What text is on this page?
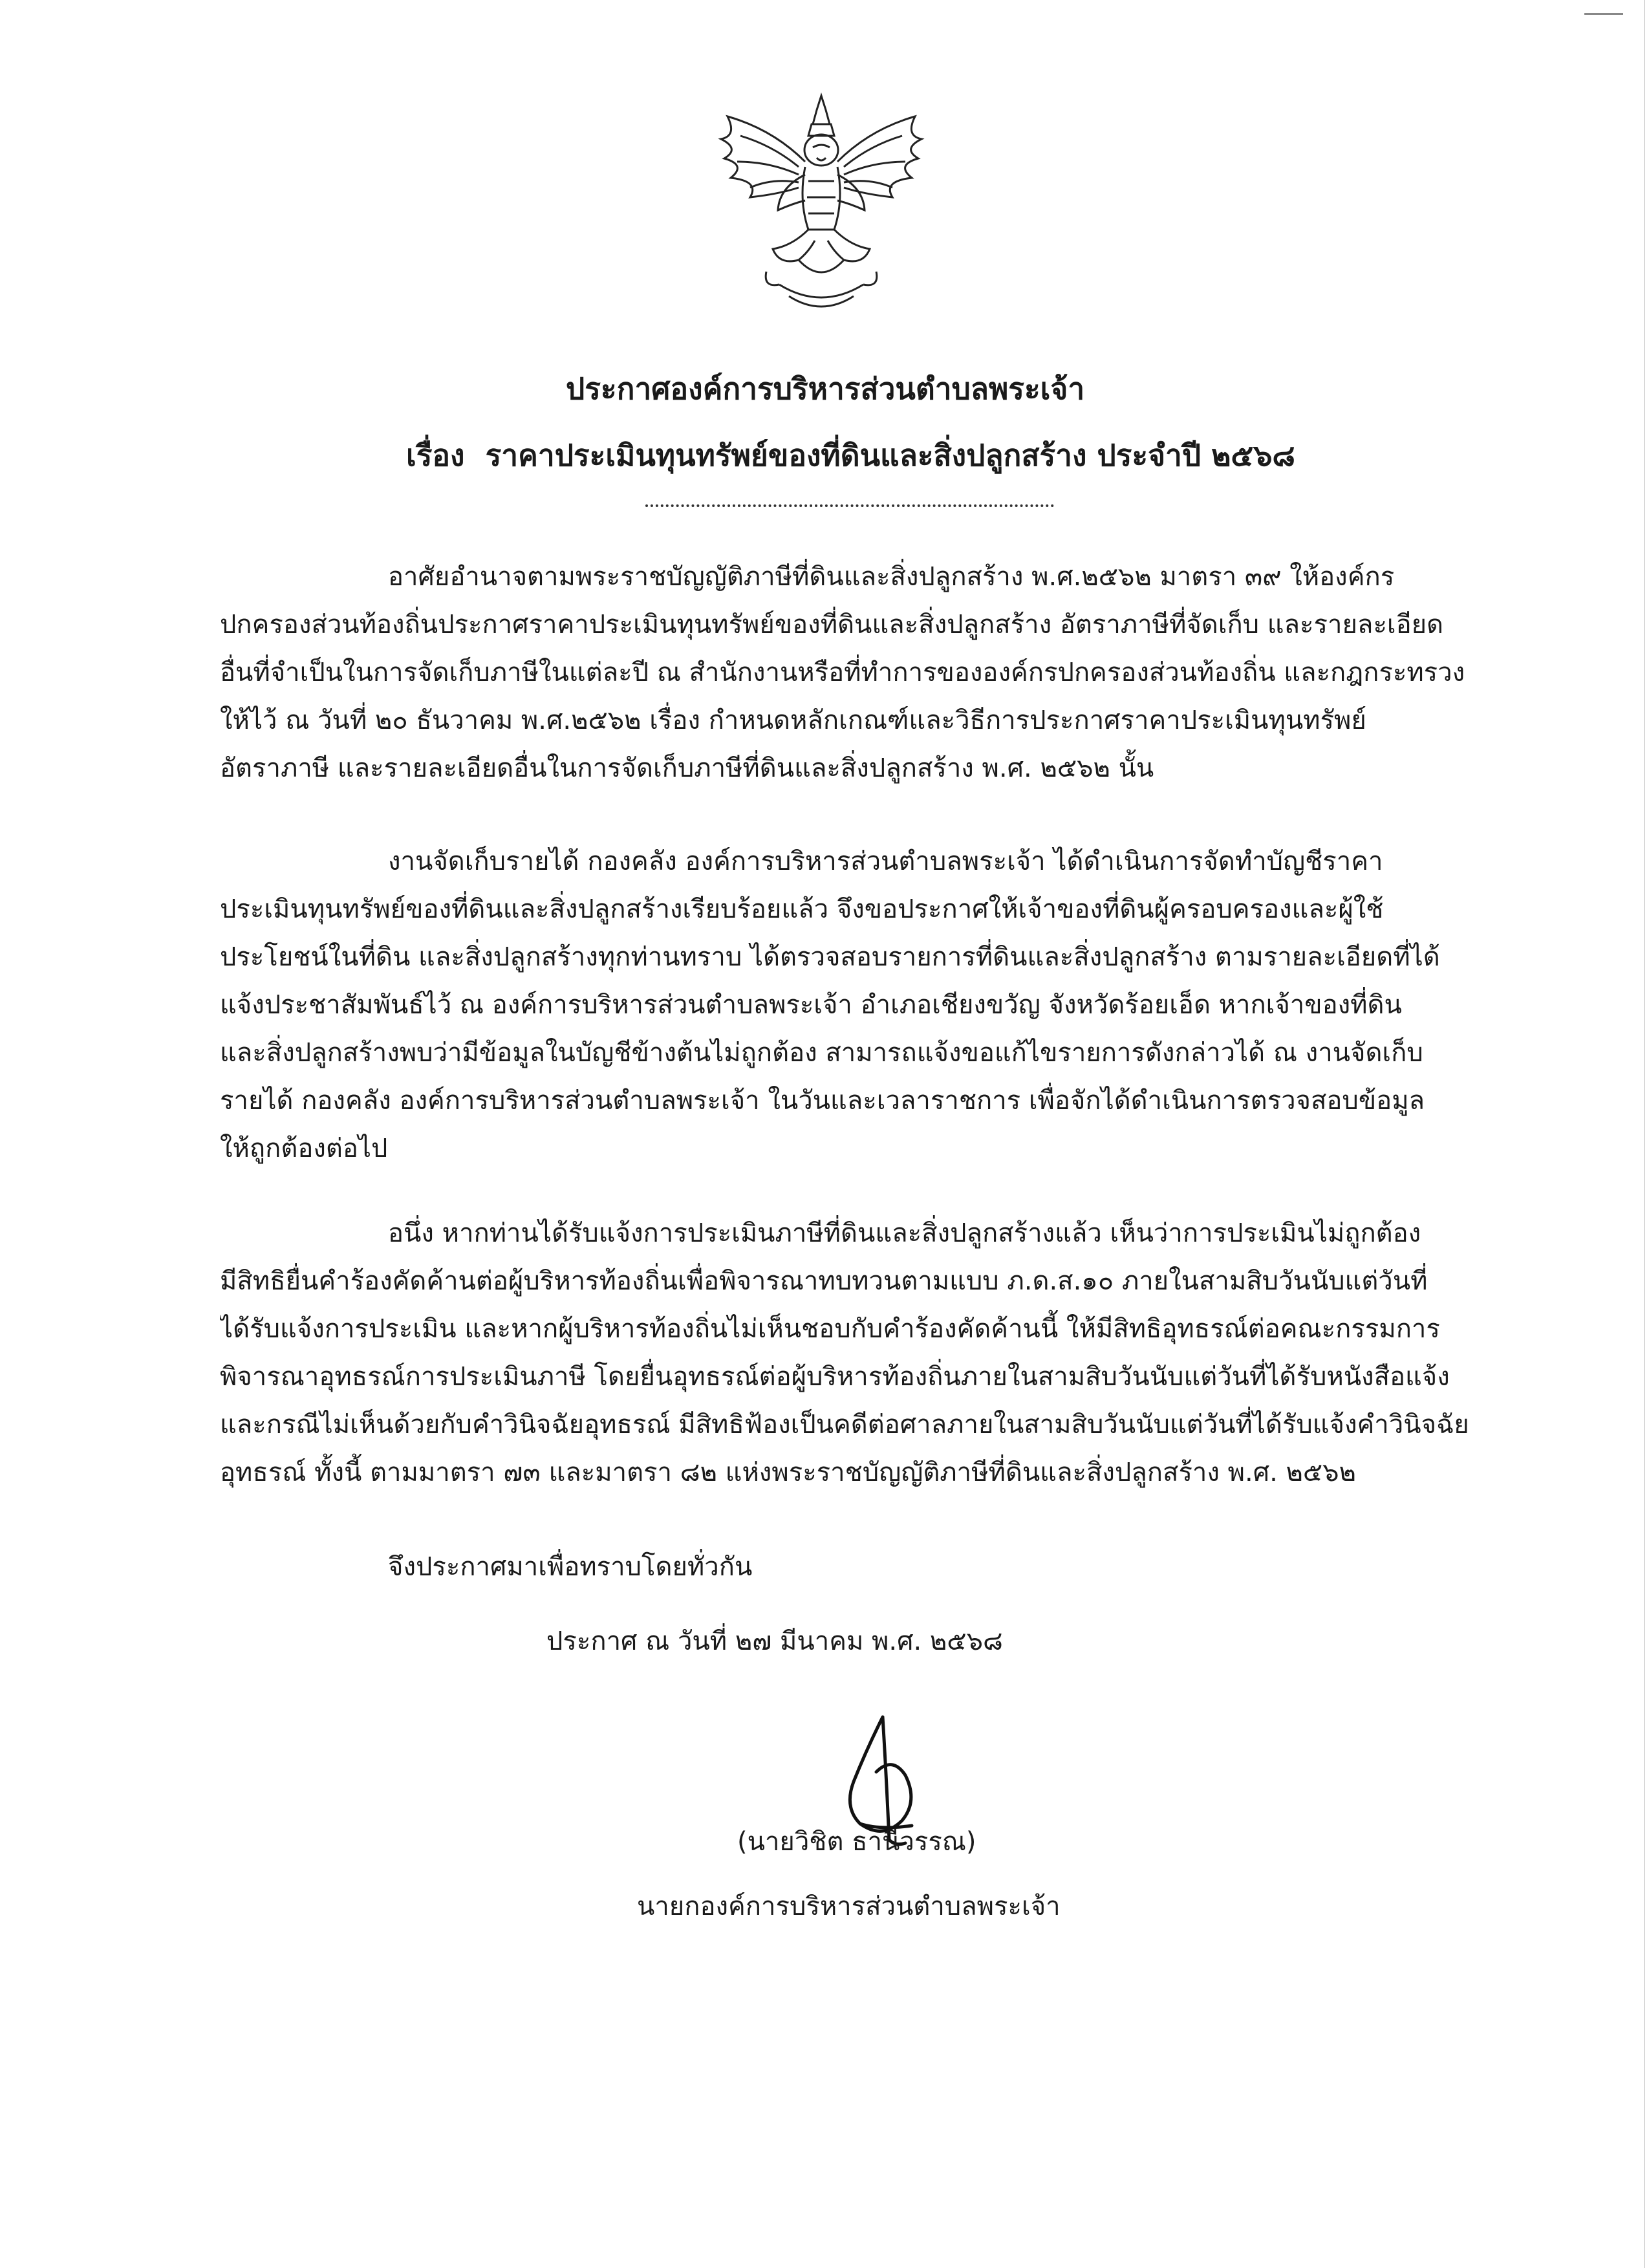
ประกาศองค์การบริหารส่วนตำบลพระเจ้า
เรื่อง ราคาประเมินทุนทรัพย์ของที่ดินและสิ่งปลูกสร้าง ประจำปี ๒๕๖๘
อาศัยอำนาจตามพระราชบัญญัติภาษีที่ดินและสิ่งปลูกสร้าง พ.ศ.๒๕๖๒ มาตรา ๓๙ ให้องค์กร
ปกครองส่วนท้องถิ่นประกาศราคาประเมินทุนทรัพย์ของที่ดินและสิ่งปลูกสร้าง อัตราภาษีที่จัดเก็บ และรายละเอียด
อื่นที่จำเป็นในการจัดเก็บภาษีในแต่ละปี ณ สำนักงานหรือที่ทำการขององค์กรปกครองส่วนท้องถิ่น และกฎกระทรวง
ให้ไว้ ณ วันที่ ๒๐ ธันวาคม พ.ศ.๒๕๖๒ เรื่อง กำหนดหลักเกณฑ์และวิธีการประกาศราคาประเมินทุนทรัพย์
อัตราภาษี และรายละเอียดอื่นในการจัดเก็บภาษีที่ดินและสิ่งปลูกสร้าง พ.ศ. ๒๕๖๒ นั้น
งานจัดเก็บรายได้ กองคลัง องค์การบริหารส่วนตำบลพระเจ้า ได้ดำเนินการจัดทำบัญชีราคา
ประเมินทุนทรัพย์ของที่ดินและสิ่งปลูกสร้างเรียบร้อยแล้ว จึงขอประกาศให้เจ้าของที่ดินผู้ครอบครองและผู้ใช้
ประโยชน์ในที่ดิน และสิ่งปลูกสร้างทุกท่านทราบ ได้ตรวจสอบรายการที่ดินและสิ่งปลูกสร้าง ตามรายละเอียดที่ได้
แจ้งประชาสัมพันธ์ไว้ ณ องค์การบริหารส่วนตำบลพระเจ้า อำเภอเชียงขวัญ จังหวัดร้อยเอ็ด หากเจ้าของที่ดิน
และสิ่งปลูกสร้างพบว่ามีข้อมูลในบัญชีข้างต้นไม่ถูกต้อง สามารถแจ้งขอแก้ไขรายการดังกล่าวได้ ณ งานจัดเก็บ
รายได้ กองคลัง องค์การบริหารส่วนตำบลพระเจ้า ในวันและเวลาราชการ เพื่อจักได้ดำเนินการตรวจสอบข้อมูล
ให้ถูกต้องต่อไป
อนึ่ง หากท่านได้รับแจ้งการประเมินภาษีที่ดินและสิ่งปลูกสร้างแล้ว เห็นว่าการประเมินไม่ถูกต้อง
มีสิทธิยื่นคำร้องคัดค้านต่อผู้บริหารท้องถิ่นเพื่อพิจารณาทบทวนตามแบบ ภ.ด.ส.๑๐ ภายในสามสิบวันนับแต่วันที่
ได้รับแจ้งการประเมิน และหากผู้บริหารท้องถิ่นไม่เห็นชอบกับคำร้องคัดค้านนี้ ให้มีสิทธิอุทธรณ์ต่อคณะกรรมการ
พิจารณาอุทธรณ์การประเมินภาษี โดยยื่นอุทธรณ์ต่อผู้บริหารท้องถิ่นภายในสามสิบวันนับแต่วันที่ได้รับหนังสือแจ้ง
และกรณีไม่เห็นด้วยกับคำวินิจฉัยอุทธรณ์ มีสิทธิฟ้องเป็นคดีต่อศาลภายในสามสิบวันนับแต่วันที่ได้รับแจ้งคำวินิจฉัย
อุทธรณ์ ทั้งนี้ ตามมาตรา ๗๓ และมาตรา ๘๒ แห่งพระราชบัญญัติภาษีที่ดินและสิ่งปลูกสร้าง พ.ศ. ๒๕๖๒
จึงประกาศมาเพื่อทราบโดยทั่วกัน
ประกาศ ณ วันที่ ๒๗ มีนาคม พ.ศ. ๒๕๖๘
(นายวิชิต ธานีวรรณ)
นายกองค์การบริหารส่วนตำบลพระเจ้า
